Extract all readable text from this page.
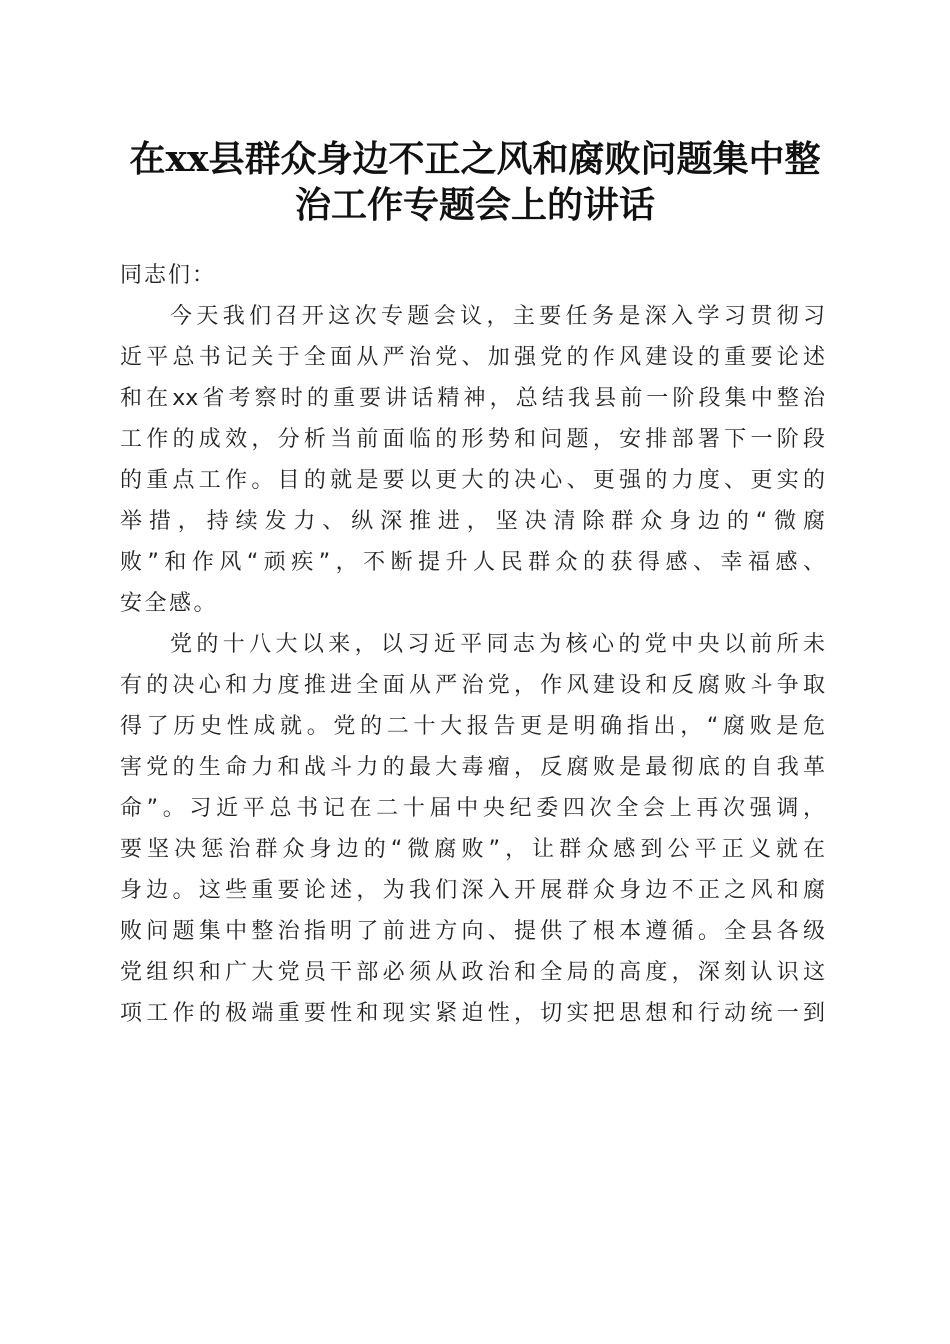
在xx县群众身边不正之风和腐败问题集中整
治工作专题会上的讲话
同志们：
今天我们召开这次专题会议，主要任务是深入学习贯彻习
近平总书记关于全面从严治党、加强党的作风建设的重要论述
和在xx省考察时的重要讲话精神，总结我县前一阶段集中整治
工作的成效，分析当前面临的形势和问题，安排部署下一阶段
的重点工作。目的就是要以更大的决心、更强的力度、更实的
举措，持续发力、纵深推进，坚决清除群众身边的“微腐
败”和作风“顽疾”，不断提升人民群众的获得感、幸福感、
安全感。
党的十八大以来，以习近平同志为核心的党中央以前所未
有的决心和力度推进全面从严治党，作风建设和反腐败斗争取
得了历史性成就。党的二十大报告更是明确指出，“腐败是危
害党的生命力和战斗力的最大毒瘤，反腐败是最彻底的自我革
命”。习近平总书记在二十届中央纪委四次全会上再次强调，
要坚决惩治群众身边的“微腐败”，让群众感到公平正义就在
身边。这些重要论述，为我们深入开展群众身边不正之风和腐
败问题集中整治指明了前进方向、提供了根本遵循。全县各级
党组织和广大党员干部必须从政治和全局的高度，深刻认识这
项工作的极端重要性和现实紧迫性，切实把思想和行动统一到
